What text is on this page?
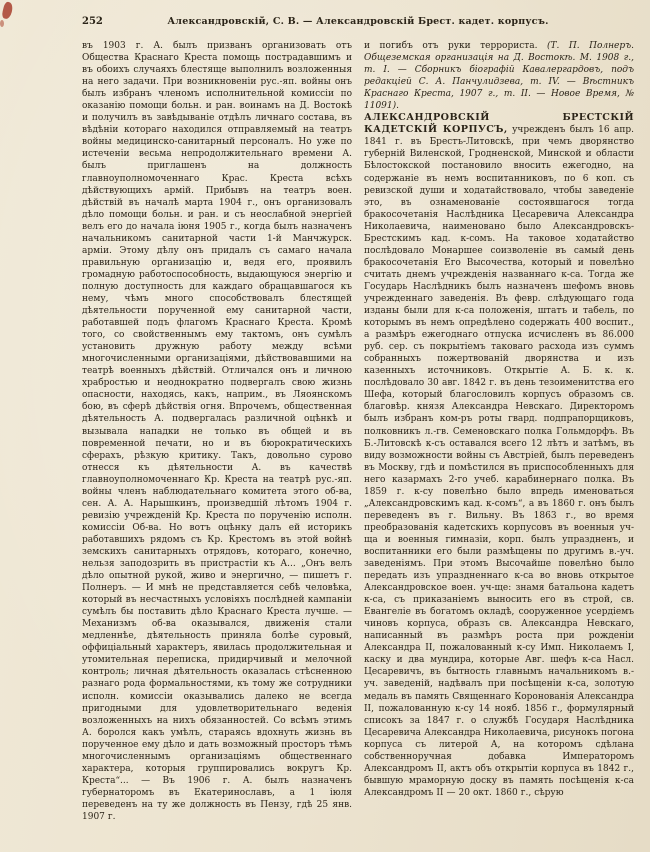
252	Александровскій, С. В. — Александровскій Брест. кадет. корпусъ.

въ 1903 г. А. былъ призванъ организовать отъ Общества Краснаго Креста помощь пострадавшимъ и въ обоихъ случаяхъ блестяще выполнилъ возложенныя на него задачи. При возникновеніи рус.-яп. войны онъ былъ избранъ членомъ исполнительной комиссіи по оказанію помощи больн. и ран. воинамъ на Д. Востокѣ и получилъ въ завѣдываніе отдѣлъ личнаго состава, въ вѣдѣніи котораго находился отправляемый на театръ войны медицинско-санитарный персоналъ. Но уже по истеченіи весьма непродолжительнаго времени А. былъ приглашенъ на должность главноуполномоченнаго Крас. Креста всѣхъ дѣйствующихъ армій. Прибывъ на театръ воен. дѣйствій въ началѣ марта 1904 г., онъ организовалъ дѣло помощи больн. и ран. и съ неослабной энергіей велъ его до начала іюня 1905 г., когда былъ назначенъ начальникомъ санитарной части 1-й Манчжурск. арміи. Этому дѣлу онъ придалъ съ самаго начала правильную организацію и, ведя его, проявилъ громадную работоспособность, выдающуюся энергію и полную доступность для каждаго обращавшагося къ нему, чѣмъ много способствовалъ блестящей дѣятельности порученной ему санитарной части, работавшей подъ флагомъ Краснаго Креста. Кромѣ того, со свойственнымъ ему тактомъ, онъ сумѣлъ установить дружную работу между всѣми многочисленными организаціями, дѣйствовавшими на театрѣ военныхъ дѣйствій. Отличался онъ и личною храбростью и неоднократно подвергалъ свою жизнь опасности, находясь, какъ, наприм., въ Ляоянскомъ бою, въ сферѣ дѣйствія огня. Впрочемъ, общественная дѣятельность А. подвергалась различной оцѣнкѣ и вызывала нападки не только въ общей и въ повременной печати, но и въ бюрократическихъ сферахъ, рѣзкую критику. Такъ, довольно сурово отнесся къ дѣятельности А. въ качествѣ главноуполномоченнаго Кр. Креста на театрѣ рус.-яп. войны членъ наблюдательнаго комитета этого об-ва, сен. А. А. Нарышкинъ, произведшій лѣтомъ 1904 г. ревизію учрежденій Кр. Креста по порученію исполн. комиссіи Об-ва. Но вотъ оцѣнку далъ ей историкъ работавшихъ рядомъ съ Кр. Крестомъ въ этой войнѣ земскихъ санитарныхъ отрядовъ, котораго, конечно, нельзя заподозрить въ пристрастіи къ А... „Онъ велъ дѣло опытной рукой, живо и энергично, — пишетъ г. Полнеръ. — И мнѣ не представляется себѣ человѣка, который въ несчастныхъ условіяхъ послѣдней кампаніи сумѣлъ бы поставить дѣло Краснаго Креста лучше. — Механизмъ об-ва оказывался, движенія стали медленнѣе, дѣятельность приняла болѣе суровый, оффиціальный характеръ, явилась продолжительная и утомительная переписка, придирчивый и мелочной контроль; личная дѣятельность оказалась стѣсненною разнаго рода формальностями, къ тому же сотрудники исполн. комиссіи оказывались далеко не всегда пригодными для удовлетворительнаго веденія возложенныхъ на нихъ обязанностей. Со всѣмъ этимъ А. боролся какъ умѣлъ, стараясь вдохнуть жизнь въ порученное ему дѣло и дать возможный просторъ тѣмъ многочисленнымъ организаціямъ общественнаго характера, которыя группировались вокругъ Кр. Креста“... — Въ 1906 г. А. былъ назначенъ губернаторомъ въ Екатеринославъ, а 1 іюля переведенъ на ту же должность въ Пензу, гдѣ 25 янв. 1907 г.

и погибъ отъ руки террориста. (Т. П. Полнеръ. Общеземская организація на Д. Востокѣ. М. 1908 г., т. I. — Сборникъ біографій Кавалергардовъ, подъ редакціей С. А. Панчулидзева, т. IV. — Вѣстникъ Краснаго Креста, 1907 г., т. II. — Новое Время, № 11091).

АЛЕКСАНДРОВСКІЙ БРЕСТСКІЙ КАДЕТСКІЙ КОРПУСЪ, учрежденъ былъ 16 апр. 1841 г. въ Брестъ-Литовскѣ, при чемъ дворянство губерній Виленской, Гродненской, Минской и области Бѣлостокской постановило вносить ежегодно, на содержаніе въ немъ воспитанниковъ, по 6 коп. съ ревизской души и ходатайствовало, чтобы заведеніе это, въ ознаменованіе состоявшагося тогда бракосочетанія Наслѣдника Цесаревича Александра Николаевича, наименовано было Александровскъ-Брестскимъ кад. к-сомъ. На таковое ходатайство послѣдовало Монаршее соизволеніе въ самый день бракосочетанія Его Высочества, который и повелѣно считать днемъ учрежденія названнаго к-са. Тогда же Государь Наслѣдникъ былъ назначенъ шефомъ вновь учрежденнаго заведенія. Въ февр. слѣдующаго года изданы были для к-са положенія, штатъ и табель, по которымъ въ немъ опредѣлено содержать 400 воспит., а размѣръ ежегоднаго отпуска исчисленъ въ 86.000 руб. сер. съ покрытіемъ таковаго расхода изъ суммъ собранныхъ пожертвованій дворянства и изъ казенныхъ источниковъ. Открытіе А. Б. к. к. послѣдовало 30 авг. 1842 г. въ день тезоименитства его Шефа, который благословилъ корпусъ образомъ св. благовѣр. князя Александра Невскаго. Директоромъ былъ избранъ ком-ръ роты гвард. подпрапорщиковъ, полковникъ л.-гв. Семеновскаго полка Гольмдорфъ. Въ Б.-Литовскѣ к-съ оставался всего 12 лѣтъ и затѣмъ, въ виду возможности войны съ Австріей, былъ переведенъ въ Москву, гдѣ и помѣстился въ приспособленныхъ для него казармахъ 2-го учеб. карабинернаго полка. Въ 1859 г. к-су повелѣно было впредь именоваться „Александровскимъ кад. к-сомъ“, а въ 1860 г. онъ былъ переведенъ въ г. Вильну. Въ 1863 г., во время преобразованія кадетскихъ корпусовъ въ военныя уч-ща и военныя гимназіи, корп. былъ упраздненъ, и воспитанники его были размѣщены по другимъ в.-уч. заведеніямъ. При этомъ Высочайше повелѣно было передать изъ упраздненнаго к-са во вновь открытое Александровское воен. уч-ще: знамя батальона кадетъ к-са, съ приказаніемъ выносить его въ строй, св. Евангеліе въ богатомъ окладѣ, сооруженное усердіемъ чиновъ корпуса, образъ св. Александра Невскаго, написанный въ размѣръ роста при рожденіи Александра II, пожалованный к-су Имп. Николаемъ I, каску и два мундира, которые Авг. шефъ к-са Насл. Цесаревичъ, въ бытность главнымъ начальникомъ в.-уч. заведеній, надѣвалъ при посѣщеніи к-са, золотую медаль въ память Священнаго Коронованія Александра II, пожалованную к-су 14 нояб. 1856 г., формулярный списокъ за 1847 г. о службѣ Государя Наслѣдника Цесаревича Александра Николаевича, рисунокъ погона корпуса съ литерой А, на которомъ сдѣлана собственноручная добавка Императоромъ Александромъ II, актъ объ открытіи корпуса въ 1842 г., бывшую мраморную доску въ память посѣщенія к-са Александромъ II — 20 окт. 1860 г., сѣрую
